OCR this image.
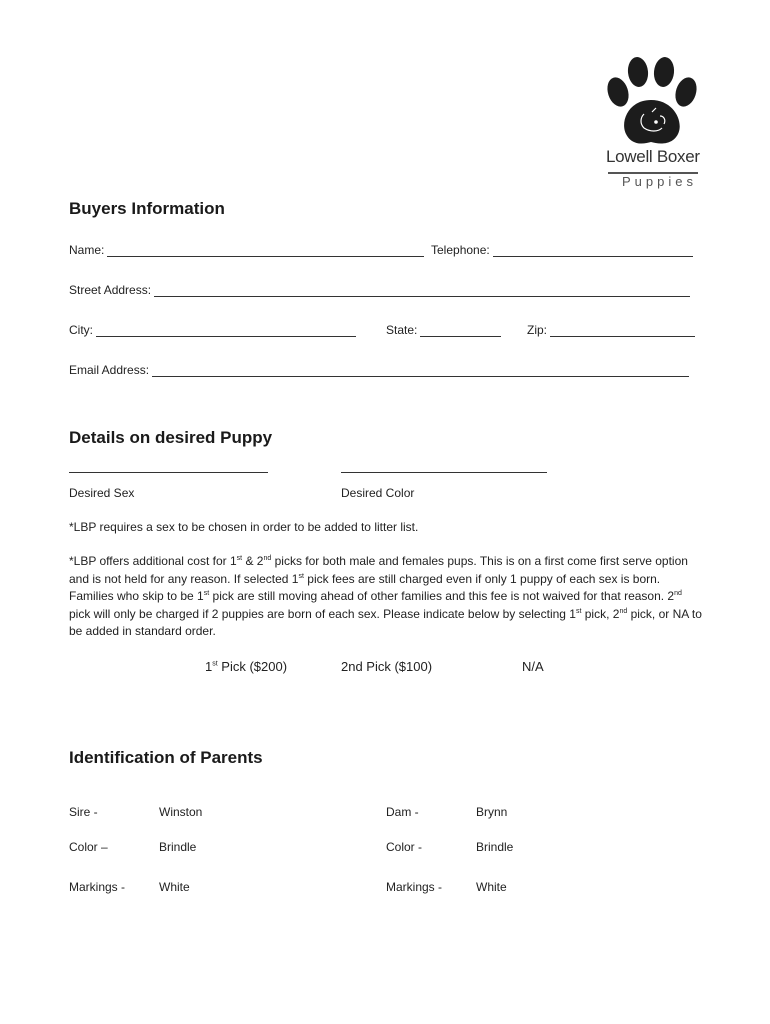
Lowell Boxer
Puppies
Buyers Information
Name:	Telephone:
Street Address:
City:	State:	Zip:
Email Address:
Details on desired Puppy
Desired Sex	Desired Color
*LBP requires a sex to be chosen in order to be added to litter list.
*LBP offers additional cost for 1st & 2nd picks for both male and females pups. This is on a first come first serve option and is not held for any reason. If selected 1st pick fees are still charged even if only 1 puppy of each sex is born. Families who skip to be 1st pick are still moving ahead of other families and this fee is not waived for that reason. 2nd pick will only be charged if 2 puppies are born of each sex. Please indicate below by selecting 1st pick, 2nd pick, or NA to be added in standard order.
1st Pick ($200)	2nd Pick ($100)	N/A
Identification of Parents
Sire -	Winston	Dam -	Brynn
Color –	Brindle	Color -	Brindle
Markings -	White	Markings -	White
